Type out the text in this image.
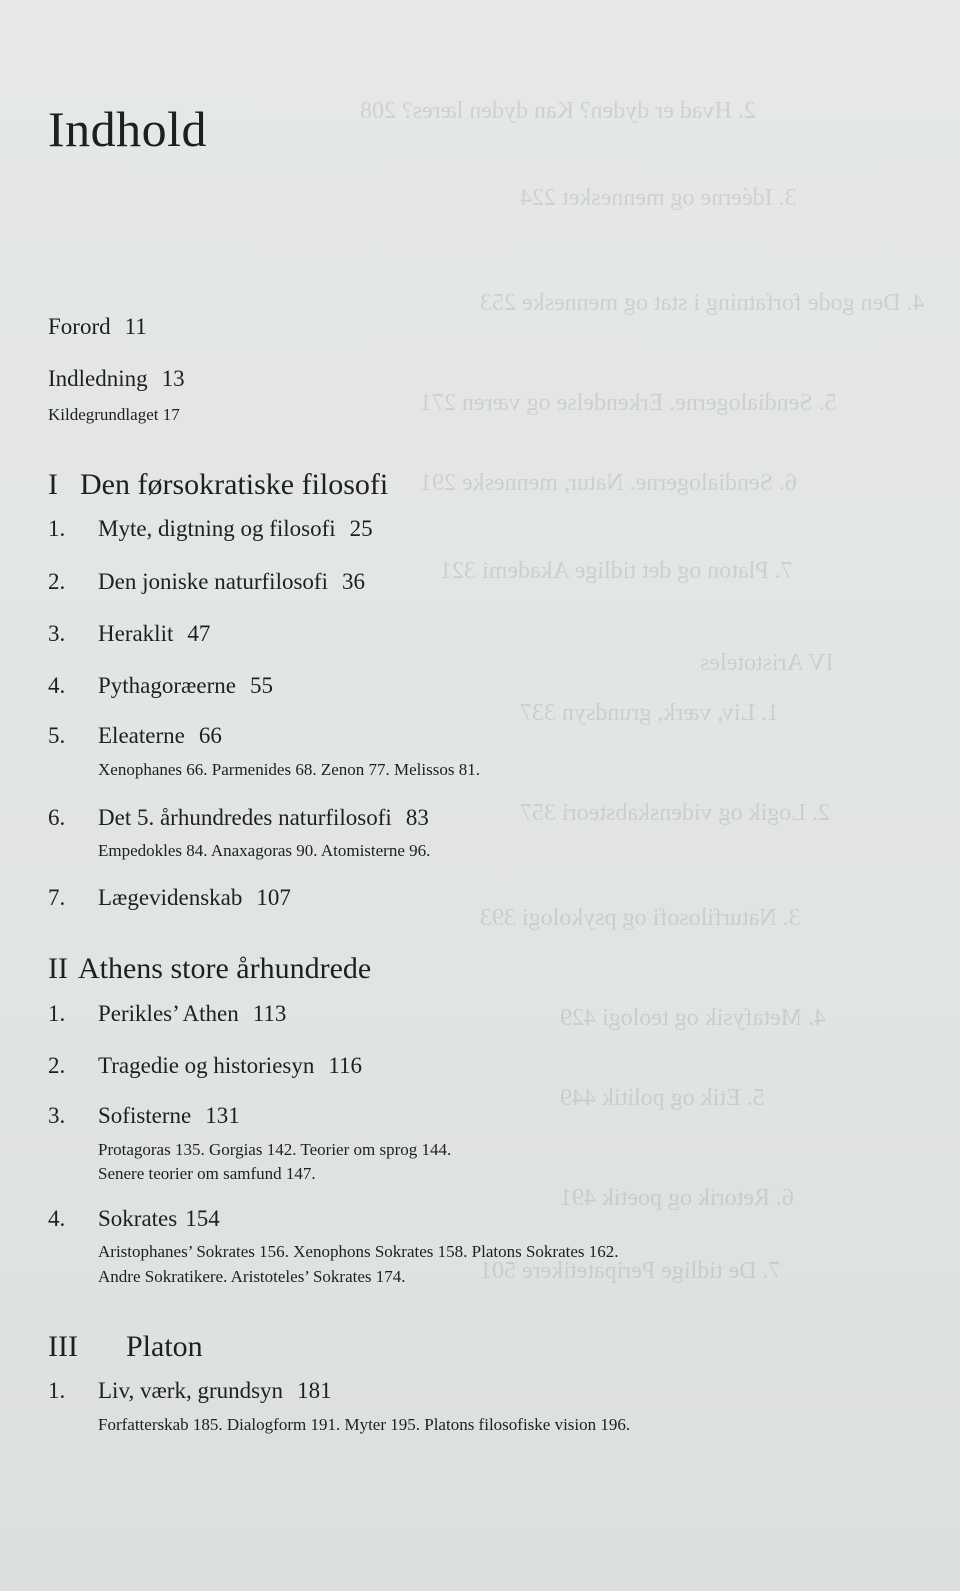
2. Hvad er dyden? Kan dyden læres? 208
3. Idéerne og mennesket 224
4. Den gode forfatning i stat og menneske 253
5. Sendialogerne. Erkendelse og væren 271
6. Sendialogerne. Natur, menneske 291
7. Platon og det tidlige Akademi 321
IV Aristoteles
1. Liv, værk, grundsyn 337
2. Logik og videnskabsteori 357
3. Naturfilosofi og psykologi 393
4. Metafysik og teologi 429
5. Etik og politik 449
6. Retorik og poetik 491
7. De tidlige Peripatetikere 501
Indhold
Forord 11
Indledning 13
Kildegrundlaget 17
I Den førsokratiske filosofi
1. Myte, digtning og filosofi 25
2. Den joniske naturfilosofi 36
3. Heraklit 47
4. Pythagoræerne 55
5. Eleaterne 66
Xenophanes 66. Parmenides 68. Zenon 77. Melissos 81.
6. Det 5. århundredes naturfilosofi 83
Empedokles 84. Anaxagoras 90. Atomisterne 96.
7. Lægevidenskab 107
II Athens store århundrede
1. Perikles’ Athen 113
2. Tragedie og historiesyn 116
3. Sofisterne 131
Protagoras 135. Gorgias 142. Teorier om sprog 144.
Senere teorier om samfund 147.
4. Sokrates 154
Aristophanes’ Sokrates 156. Xenophons Sokrates 158. Platons Sokrates 162.
Andre Sokratikere. Aristoteles’ Sokrates 174.
III Platon
1. Liv, værk, grundsyn 181
Forfatterskab 185. Dialogform 191. Myter 195. Platons filosofiske vision 196.
